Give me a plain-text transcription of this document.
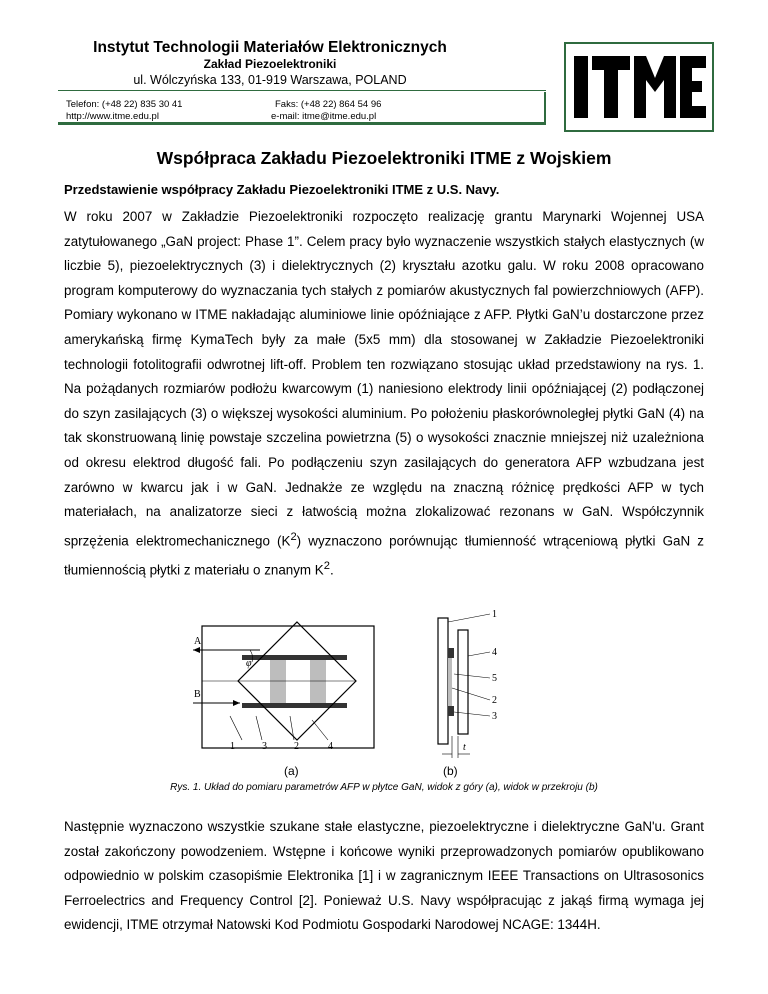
Instytut Technologii Materiałów Elektronicznych
Zakład Piezoelektroniki
ul. Wólczyńska 133, 01-919 Warszawa, POLAND
Telefon: (+48 22) 835 30 41
http://www.itme.edu.pl
Faks: (+48 22) 864 54 96
e-mail: itme@itme.edu.pl
Współpraca Zakładu Piezoelektroniki ITME z Wojskiem
Przedstawienie współpracy Zakładu Piezoelektroniki ITME z U.S. Navy.
W roku 2007 w Zakładzie Piezoelektroniki rozpoczęto realizację grantu Marynarki Wojennej USA zatytułowanego „GaN project: Phase 1”. Celem pracy było wyznaczenie wszystkich stałych elastycznych (w liczbie 5), piezoelektrycznych (3) i dielektrycznych (2) kryształu azotku galu. W roku 2008 opracowano program komputerowy do wyznaczania tych stałych z pomiarów akustycznych fal powierzchniowych (AFP). Pomiary wykonano w ITME nakładając aluminiowe linie opóźniające z AFP. Płytki GaN’u dostarczone przez amerykańską firmę KymaTech były za małe (5x5 mm) dla stosowanej w Zakładzie Piezoelektroniki technologii fotolitografii odwrotnej lift-off. Problem ten rozwiązano stosując układ przedstawiony na rys. 1. Na pożądanych rozmiarów podłożu kwarcowym (1) naniesiono elektrody linii opóźniającej (2) podłączonej do szyn zasilających (3) o większej wysokości aluminium. Po położeniu płaskorównoległej płytki GaN (4) na tak skonstruowaną linię powstaje szczelina powietrzna (5) o wysokości znacznie mniejszej niż uzależniona od okresu elektrod długość fali. Po podłączeniu szyn zasilających do generatora AFP wzbudzana jest zarówno w kwarcu jak i w GaN. Jednakże ze względu na znaczną różnicę prędkości AFP w tych materiałach, na analizatorze sieci z łatwością można zlokalizować rezonans w GaN. Współczynnik sprzężenia elektromechanicznego $(K^2)$ wyznaczono porównując tłumienność wtrąceniową płytki GaN z tłumiennością płytki z materiału o znanym $K^2$.
A
B
φ
1	3	2	4
1
4
5
2
3
t
(a)	(b)
Rys. 1. Układ do pomiaru parametrów AFP w płytce GaN, widok z góry (a), widok w przekroju (b)
Następnie wyznaczono wszystkie szukane stałe elastyczne, piezoelektryczne i dielektryczne GaN'u. Grant został zakończony powodzeniem. Wstępne i końcowe wyniki przeprowadzonych pomiarów opublikowano odpowiednio w polskim czasopiśmie Elektronika [1] i w zagranicznym IEEE Transactions on Ultrasosonics Ferroelectrics and Frequency Control [2]. Ponieważ U.S. Navy współpracując z jakąś firmą wymaga jej ewidencji, ITME otrzymał Natowski Kod Podmiotu Gospodarki Narodowej NCAGE: 1344H.
